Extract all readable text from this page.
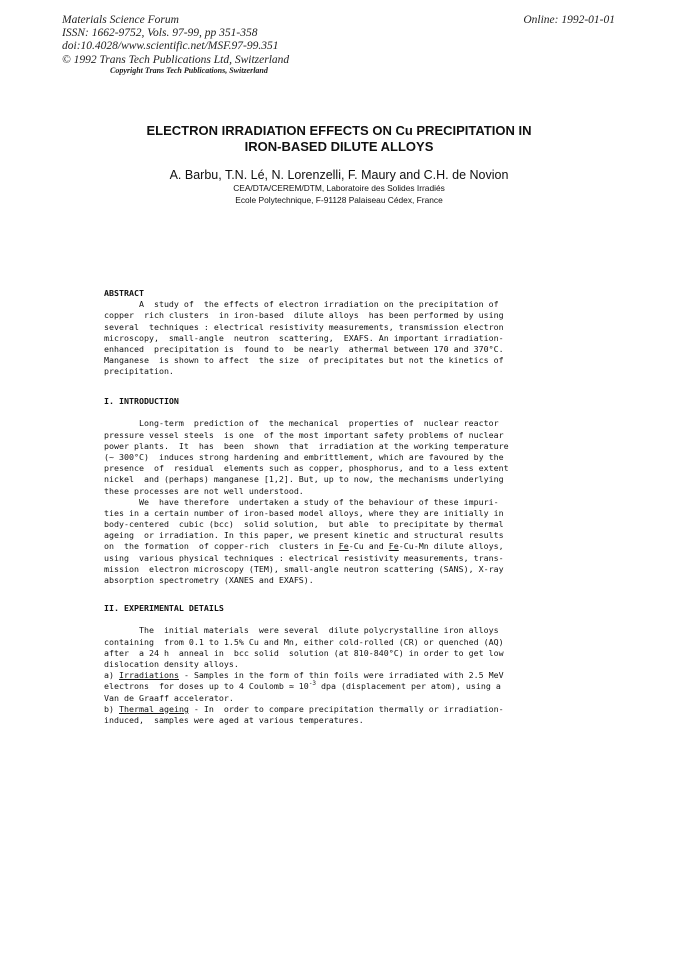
Materials Science Forum
ISSN: 1662-9752, Vols. 97-99, pp 351-358
doi:10.4028/www.scientific.net/MSF.97-99.351
© 1992 Trans Tech Publications Ltd, Switzerland
Online: 1992-01-01
Copyright Trans Tech Publications, Switzerland
ELECTRON IRRADIATION EFFECTS ON Cu PRECIPITATION IN
IRON-BASED DILUTE ALLOYS
A. Barbu, T.N. Lé, N. Lorenzelli, F. Maury and C.H. de Novion
CEA/DTA/CEREM/DTM, Laboratoire des Solides Irradiés
Ecole Polytechnique, F-91128 Palaiseau Cédex, France
ABSTRACT
A  study of  the effects of electron irradiation on the precipitation of
copper  rich clusters  in iron-based  dilute alloys  has been performed by using
several  techniques : electrical resistivity measurements, transmission electron
microscopy,  small-angle  neutron  scattering,  EXAFS. An important irradiation-
enhanced  precipitation is  found to  be nearly  athermal between 170 and 370°C.
Manganese  is shown to affect  the size  of precipitates but not the kinetics of
precipitation.
I. INTRODUCTION
Long-term  prediction of  the mechanical  properties of  nuclear reactor
pressure vessel steels  is one  of the most important safety problems of nuclear
power plants.  It  has  been  shown  that  irradiation at the working temperature
(~ 300°C)  induces strong hardening and embrittlement, which are favoured by the
presence  of  residual  elements such as copper, phosphorus, and to a less extent
nickel  and (perhaps) manganese [1,2]. But, up to now, the mechanisms underlying
these processes are not well understood.
We  have therefore  undertaken a study of the behaviour of these impuri-
ties in a certain number of iron-based model alloys, where they are initially in
body-centered  cubic (bcc)  solid solution,  but able  to precipitate by thermal
ageing  or irradiation. In this paper, we present kinetic and structural results
on  the formation  of copper-rich  clusters in Fe-Cu and Fe-Cu-Mn dilute alloys,
using  various physical techniques : electrical resistivity measurements, trans-
mission  electron microscopy (TEM), small-angle neutron scattering (SANS), X-ray
absorption spectrometry (XANES and EXAFS).
II. EXPERIMENTAL DETAILS
The  initial materials  were several  dilute polycrystalline iron alloys
containing  from 0.1 to 1.5% Cu and Mn, either cold-rolled (CR) or quenched (AQ)
after  a 24 h  anneal in  bcc solid  solution (at 810-840°C) in order to get low
dislocation density alloys.
a) Irradiations - Samples in the form of thin foils were irradiated with 2.5 MeV
electrons  for doses up to 4 Coulomb ≃ $10^{-3}$ dpa (displacement per atom), using a
Van de Graaff accelerator.
b) Thermal ageing - In  order to compare precipitation thermally or irradiation-
induced,  samples were aged at various temperatures.
